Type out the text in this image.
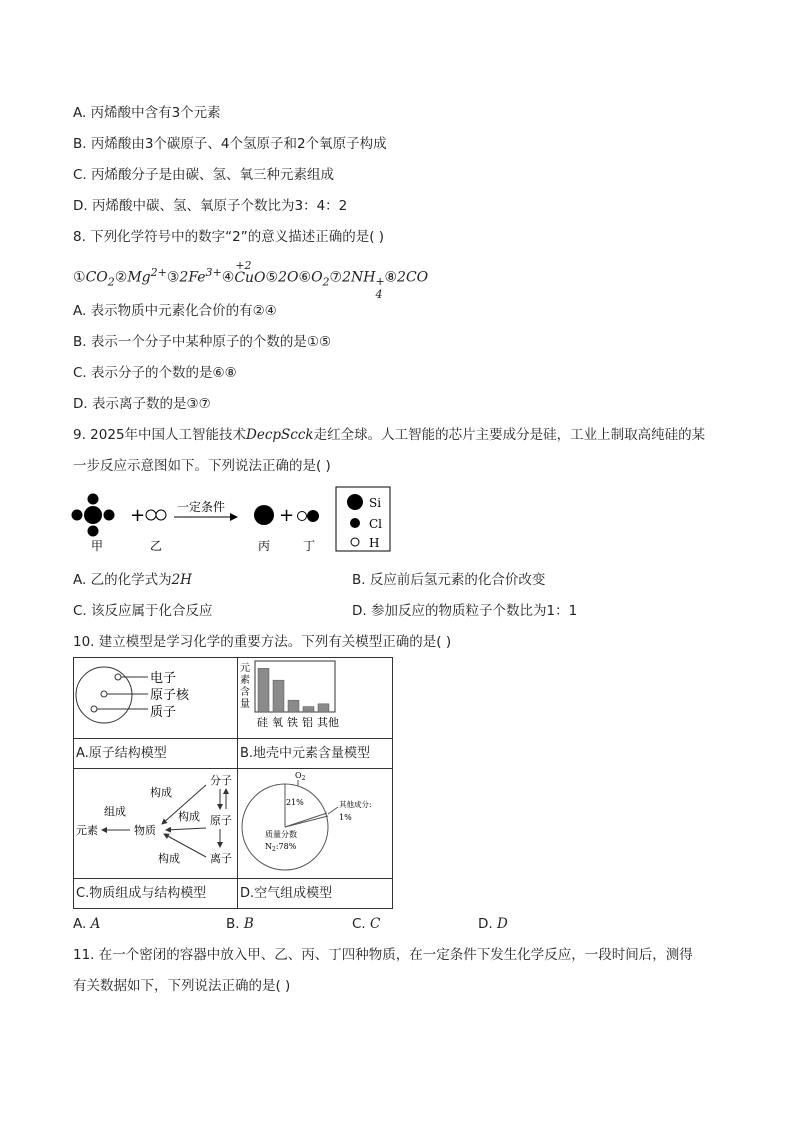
A. 丙烯酸中含有3个元素
B. 丙烯酸由3个碳原子、4个氢原子和2个氧原子构成
C. 丙烯酸分子是由碳、氢、氧三种元素组成
D. 丙烯酸中碳、氢、氧原子个数比为3：4：2
8. 下列化学符号中的数字“2”的意义描述正确的是( )
$①CO_2②Mg^{2+}③2Fe^{3+}④$
+2
$CuO⑤2O⑥O_2⑦2NH$ +
4
⑧2CO
A. 表示物质中元素化合价的有②④
B. 表示一个分子中某种原子的个数的是①⑤
C. 表示分子的个数的是⑥⑧
D. 表示离子数的是③⑦
9. 2025年中国人工智能技术DecpScck走红全球。人工智能的芯片主要成分是硅，工业上制取高纯硅的某
一步反应示意图如下。下列说法正确的是( )
+	一定条件	+
甲	乙	丙	丁
Si
Cl
H
A. 乙的化学式为2H	B. 反应前后氢元素的化合价改变
C. 该反应属于化合反应	D. 参加反应的物质粒子个数比为1：1
10. 建立模型是学习化学的重要方法。下列有关模型正确的是( )
电子
原子核
质子
元
素
含
量
硅 氧 铁 铝 其他
A.原子结构模型	B.地壳中元素含量模型
元素	物质
分子
原子
离子
组成
构成
构成
构成
$O_2$
21%	其他成分:
1%
质量分数
$N_2:78\%$
C.物质组成与结构模型	D.空气组成模型
A. A	B. B	C. C	D. D
11. 在一个密闭的容器中放入甲、乙、丙、丁四种物质，在一定条件下发生化学反应，一段时间后，测得
有关数据如下，下列说法正确的是( )
